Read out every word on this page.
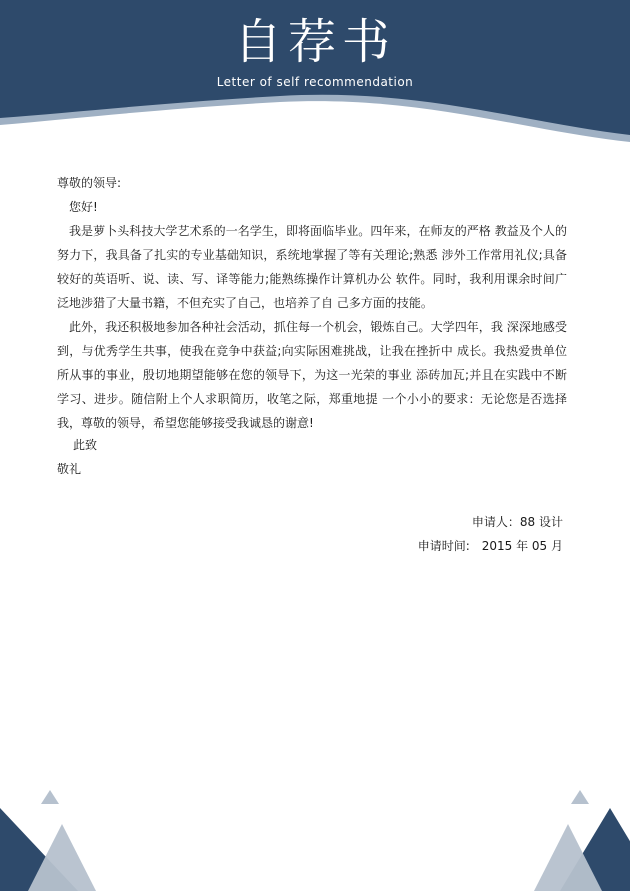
自荐书
Letter of self recommendation

尊敬的领导:

您好!

我是萝卜头科技大学艺术系的一名学生，即将面临毕业。四年来，在师友的严格 教益及个人的努力下，我具备了扎实的专业基础知识，系统地掌握了等有关理论;熟悉 涉外工作常用礼仪;具备较好的英语听、说、读、写、译等能力;能熟练操作计算机办公 软件。同时，我利用课余时间广泛地涉猎了大量书籍，不但充实了自己，也培养了自 己多方面的技能。

此外，我还积极地参加各种社会活动，抓住每一个机会，锻炼自己。大学四年，我 深深地感受到，与优秀学生共事，使我在竞争中获益;向实际困难挑战，让我在挫折中 成长。我热爱贵单位所从事的事业，殷切地期望能够在您的领导下，为这一光荣的事业 添砖加瓦;并且在实践中不断学习、进步。随信附上个人求职简历，收笔之际，郑重地提 一个小小的要求：无论您是否选择我，尊敬的领导，希望您能够接受我诚恳的谢意!

此致

敬礼

申请人：88 设计
申请时间:　2015 年 05 月
